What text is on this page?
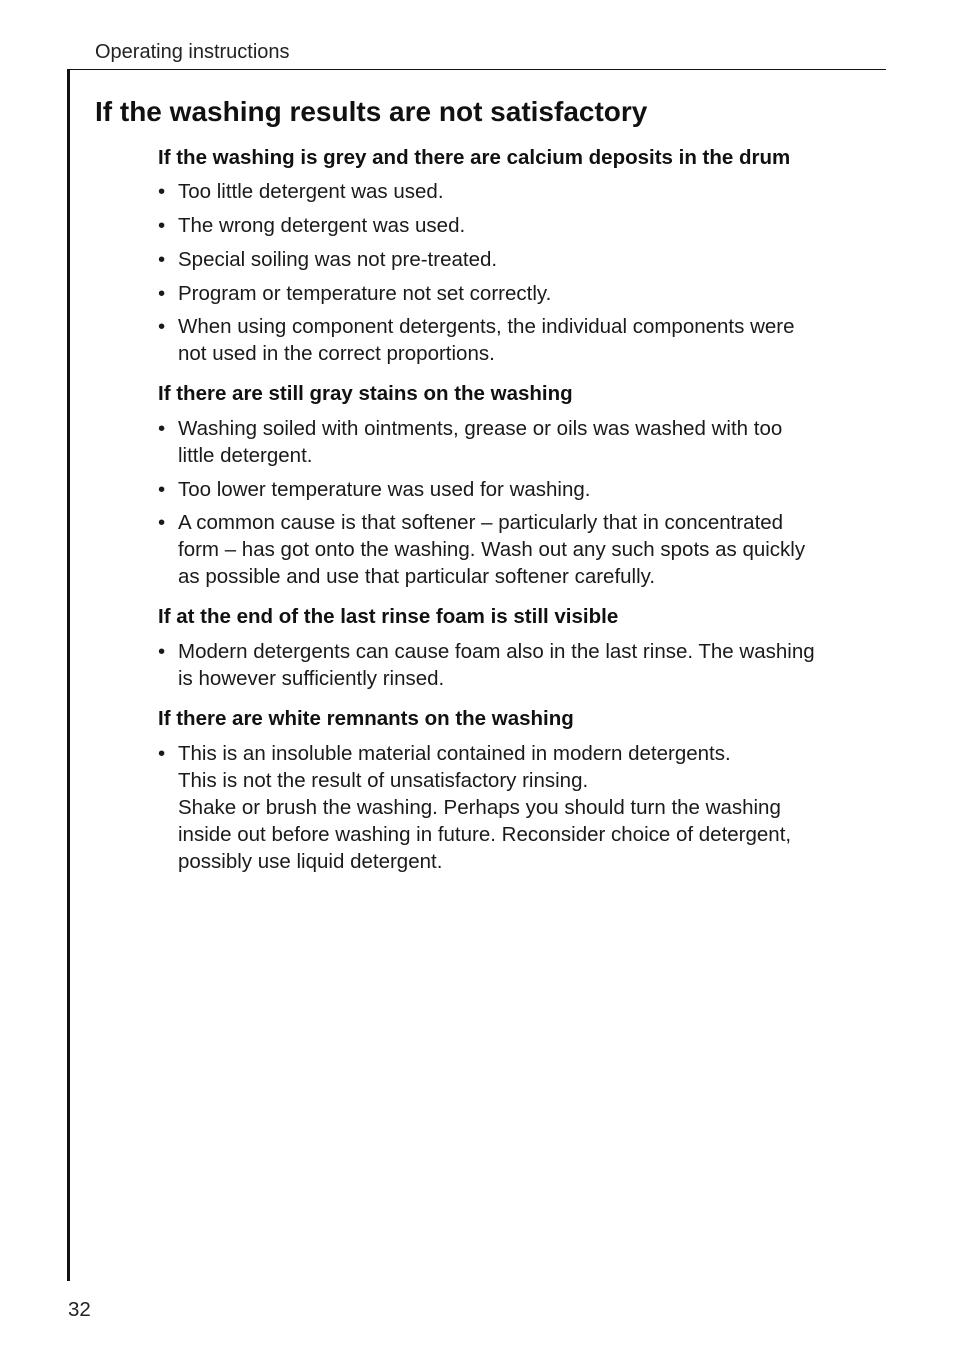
Operating instructions
If the washing results are not satisfactory
If the washing is grey and there are calcium deposits in the drum
• Too little detergent was used.
• The wrong detergent was used.
• Special soiling was not pre-treated.
• Program or temperature not set correctly.
• When using component detergents, the individual components were
not used in the correct proportions.
If there are still gray stains on the washing
• Washing soiled with ointments, grease or oils was washed with too
little detergent.
• Too lower temperature was used for washing.
• A common cause is that softener – particularly that in concentrated
form – has got onto the washing. Wash out any such spots as quickly
as possible and use that particular softener carefully.
If at the end of the last rinse foam is still visible
• Modern detergents can cause foam also in the last rinse. The washing
is however sufficiently rinsed.
If there are white remnants on the washing
• This is an insoluble material contained in modern detergents.
This is not the result of unsatisfactory rinsing.
Shake or brush the washing. Perhaps you should turn the washing
inside out before washing in future. Reconsider choice of detergent,
possibly use liquid detergent.
32
